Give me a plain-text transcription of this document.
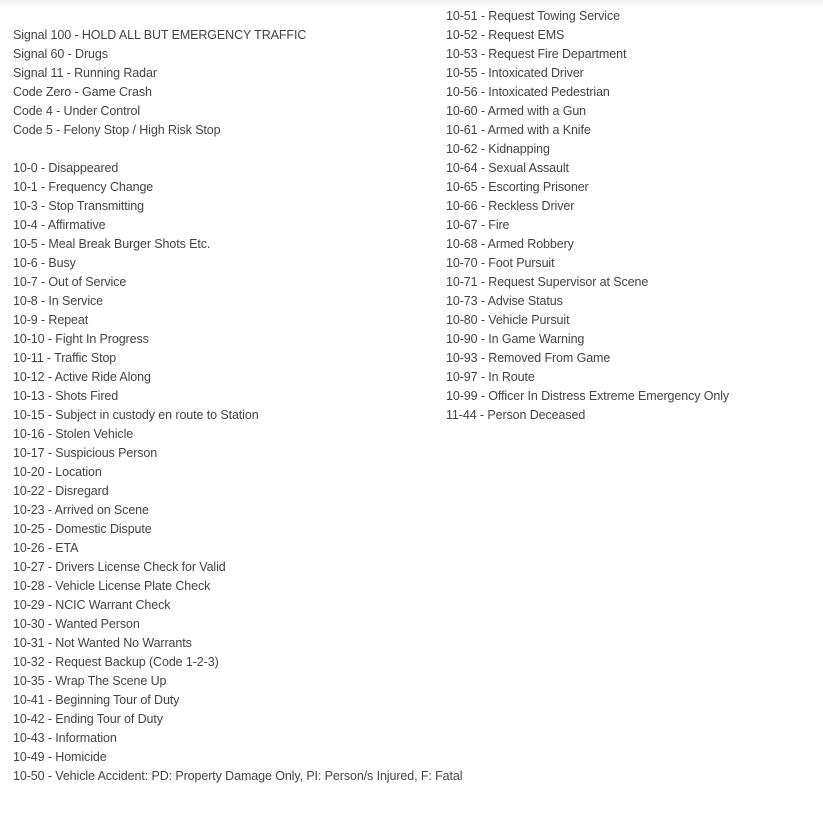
Signal 100 - HOLD ALL BUT EMERGENCY TRAFFIC
Signal 60 - Drugs
Signal 11 - Running Radar
Code Zero - Game Crash
Code 4 - Under Control
Code 5 - Felony Stop / High Risk Stop
10-0 - Disappeared
10-1 - Frequency Change
10-3 - Stop Transmitting
10-4 - Affirmative
10-5 - Meal Break Burger Shots Etc.
10-6 - Busy
10-7 - Out of Service
10-8 - In Service
10-9 - Repeat
10-10 - Fight In Progress
10-11 - Traffic Stop
10-12 - Active Ride Along
10-13 - Shots Fired
10-15 - Subject in custody en route to Station
10-16 - Stolen Vehicle
10-17 - Suspicious Person
10-20 - Location
10-22 - Disregard
10-23 - Arrived on Scene
10-25 - Domestic Dispute
10-26 - ETA
10-27 - Drivers License Check for Valid
10-28 - Vehicle License Plate Check
10-29 - NCIC Warrant Check
10-30 - Wanted Person
10-31 - Not Wanted No Warrants
10-32 - Request Backup (Code 1-2-3)
10-35 - Wrap The Scene Up
10-41 - Beginning Tour of Duty
10-42 - Ending Tour of Duty
10-43 - Information
10-49 - Homicide
10-50 - Vehicle Accident: PD: Property Damage Only, PI: Person/s Injured, F: Fatal
10-51 - Request Towing Service
10-52 - Request EMS
10-53 - Request Fire Department
10-55 - Intoxicated Driver
10-56 - Intoxicated Pedestrian
10-60 - Armed with a Gun
10-61 - Armed with a Knife
10-62 - Kidnapping
10-64 - Sexual Assault
10-65 - Escorting Prisoner
10-66 - Reckless Driver
10-67 - Fire
10-68 - Armed Robbery
10-70 - Foot Pursuit
10-71 - Request Supervisor at Scene
10-73 - Advise Status
10-80 - Vehicle Pursuit
10-90 - In Game Warning
10-93 - Removed From Game
10-97 - In Route
10-99 - Officer In Distress Extreme Emergency Only
11-44 - Person Deceased
